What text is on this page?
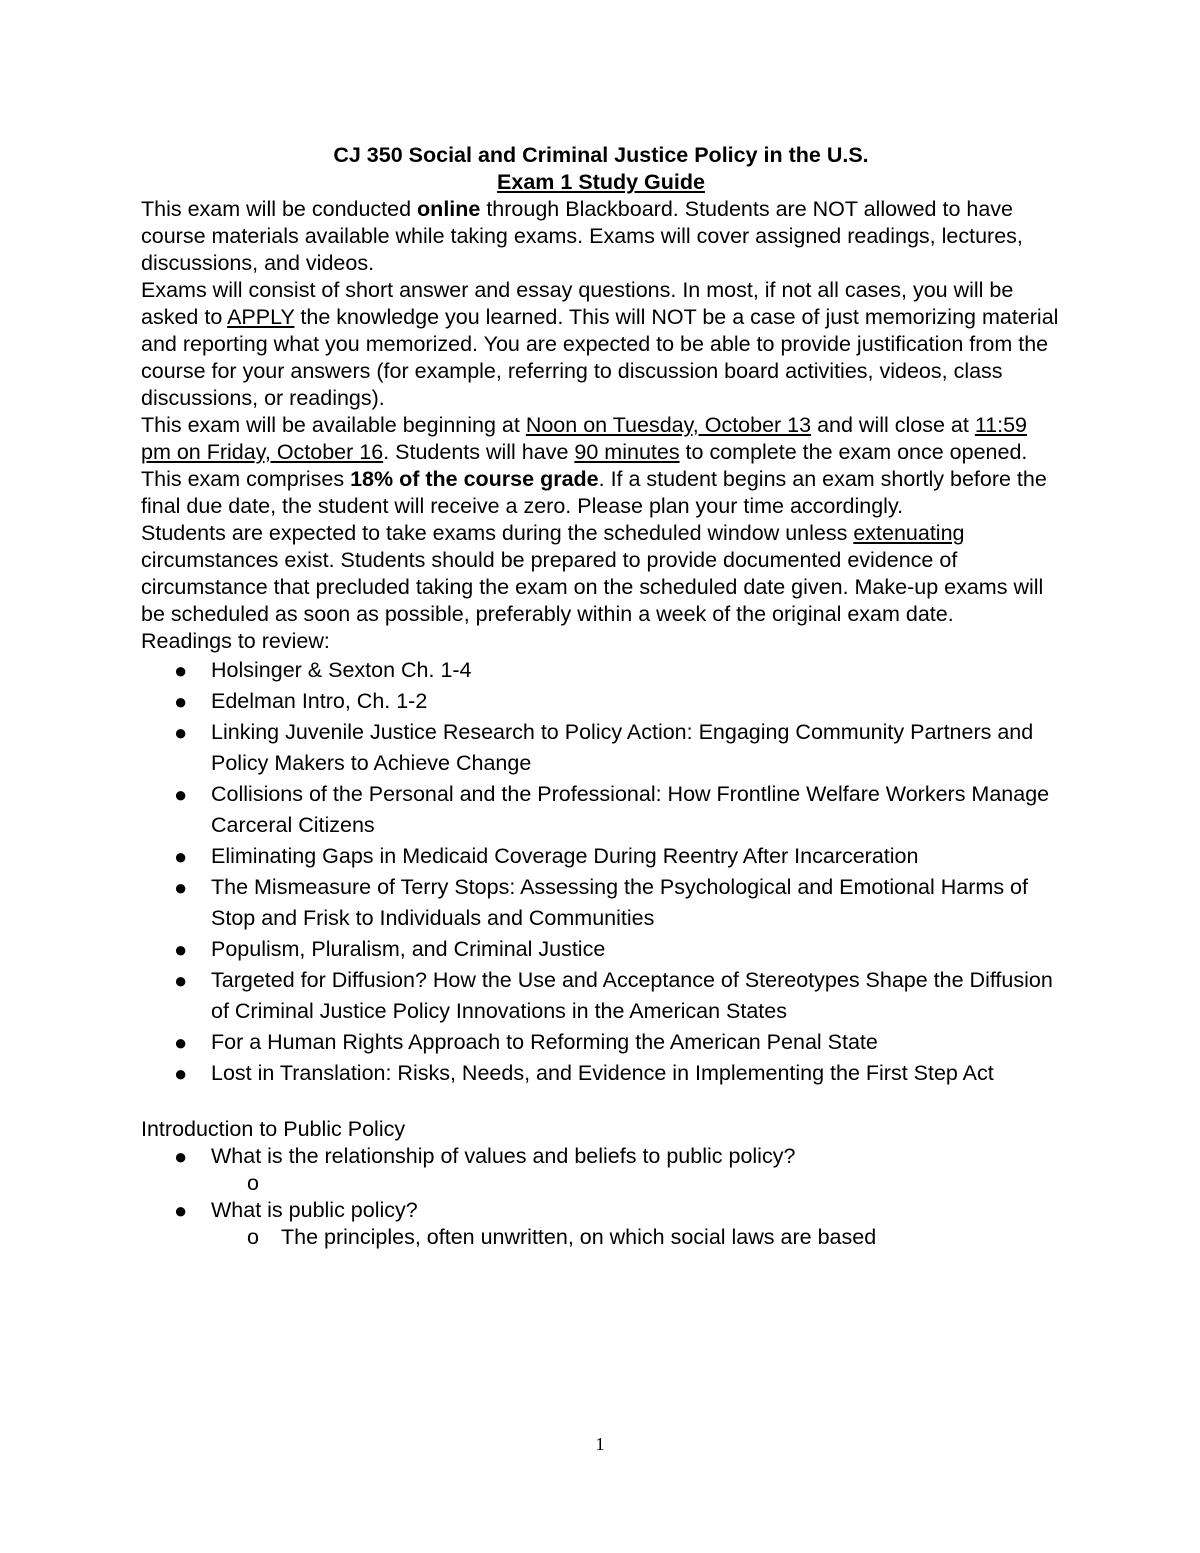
CJ 350 Social and Criminal Justice Policy in the U.S.

Exam 1 Study Guide

This exam will be conducted online through Blackboard. Students are NOT allowed to have course materials available while taking exams. Exams will cover assigned readings, lectures, discussions, and videos.

Exams will consist of short answer and essay questions. In most, if not all cases, you will be asked to APPLY the knowledge you learned. This will NOT be a case of just memorizing material and reporting what you memorized. You are expected to be able to provide justification from the course for your answers (for example, referring to discussion board activities, videos, class discussions, or readings).

This exam will be available beginning at Noon on Tuesday, October 13 and will close at 11:59 pm on Friday, October 16. Students will have 90 minutes to complete the exam once opened. This exam comprises 18% of the course grade. If a student begins an exam shortly before the final due date, the student will receive a zero. Please plan your time accordingly.

Students are expected to take exams during the scheduled window unless extenuating circumstances exist. Students should be prepared to provide documented evidence of circumstance that precluded taking the exam on the scheduled date given. Make-up exams will be scheduled as soon as possible, preferably within a week of the original exam date.

Readings to review:

● Holsinger & Sexton Ch. 1-4
● Edelman Intro, Ch. 1-2
● Linking Juvenile Justice Research to Policy Action: Engaging Community Partners and Policy Makers to Achieve Change
● Collisions of the Personal and the Professional: How Frontline Welfare Workers Manage Carceral Citizens
● Eliminating Gaps in Medicaid Coverage During Reentry After Incarceration
● The Mismeasure of Terry Stops: Assessing the Psychological and Emotional Harms of Stop and Frisk to Individuals and Communities
● Populism, Pluralism, and Criminal Justice
● Targeted for Diffusion? How the Use and Acceptance of Stereotypes Shape the Diffusion of Criminal Justice Policy Innovations in the American States
● For a Human Rights Approach to Reforming the American Penal State
● Lost in Translation: Risks, Needs, and Evidence in Implementing the First Step Act

Introduction to Public Policy

● What is the relationship of values and beliefs to public policy?
o
● What is public policy?
o The principles, often unwritten, on which social laws are based
1
